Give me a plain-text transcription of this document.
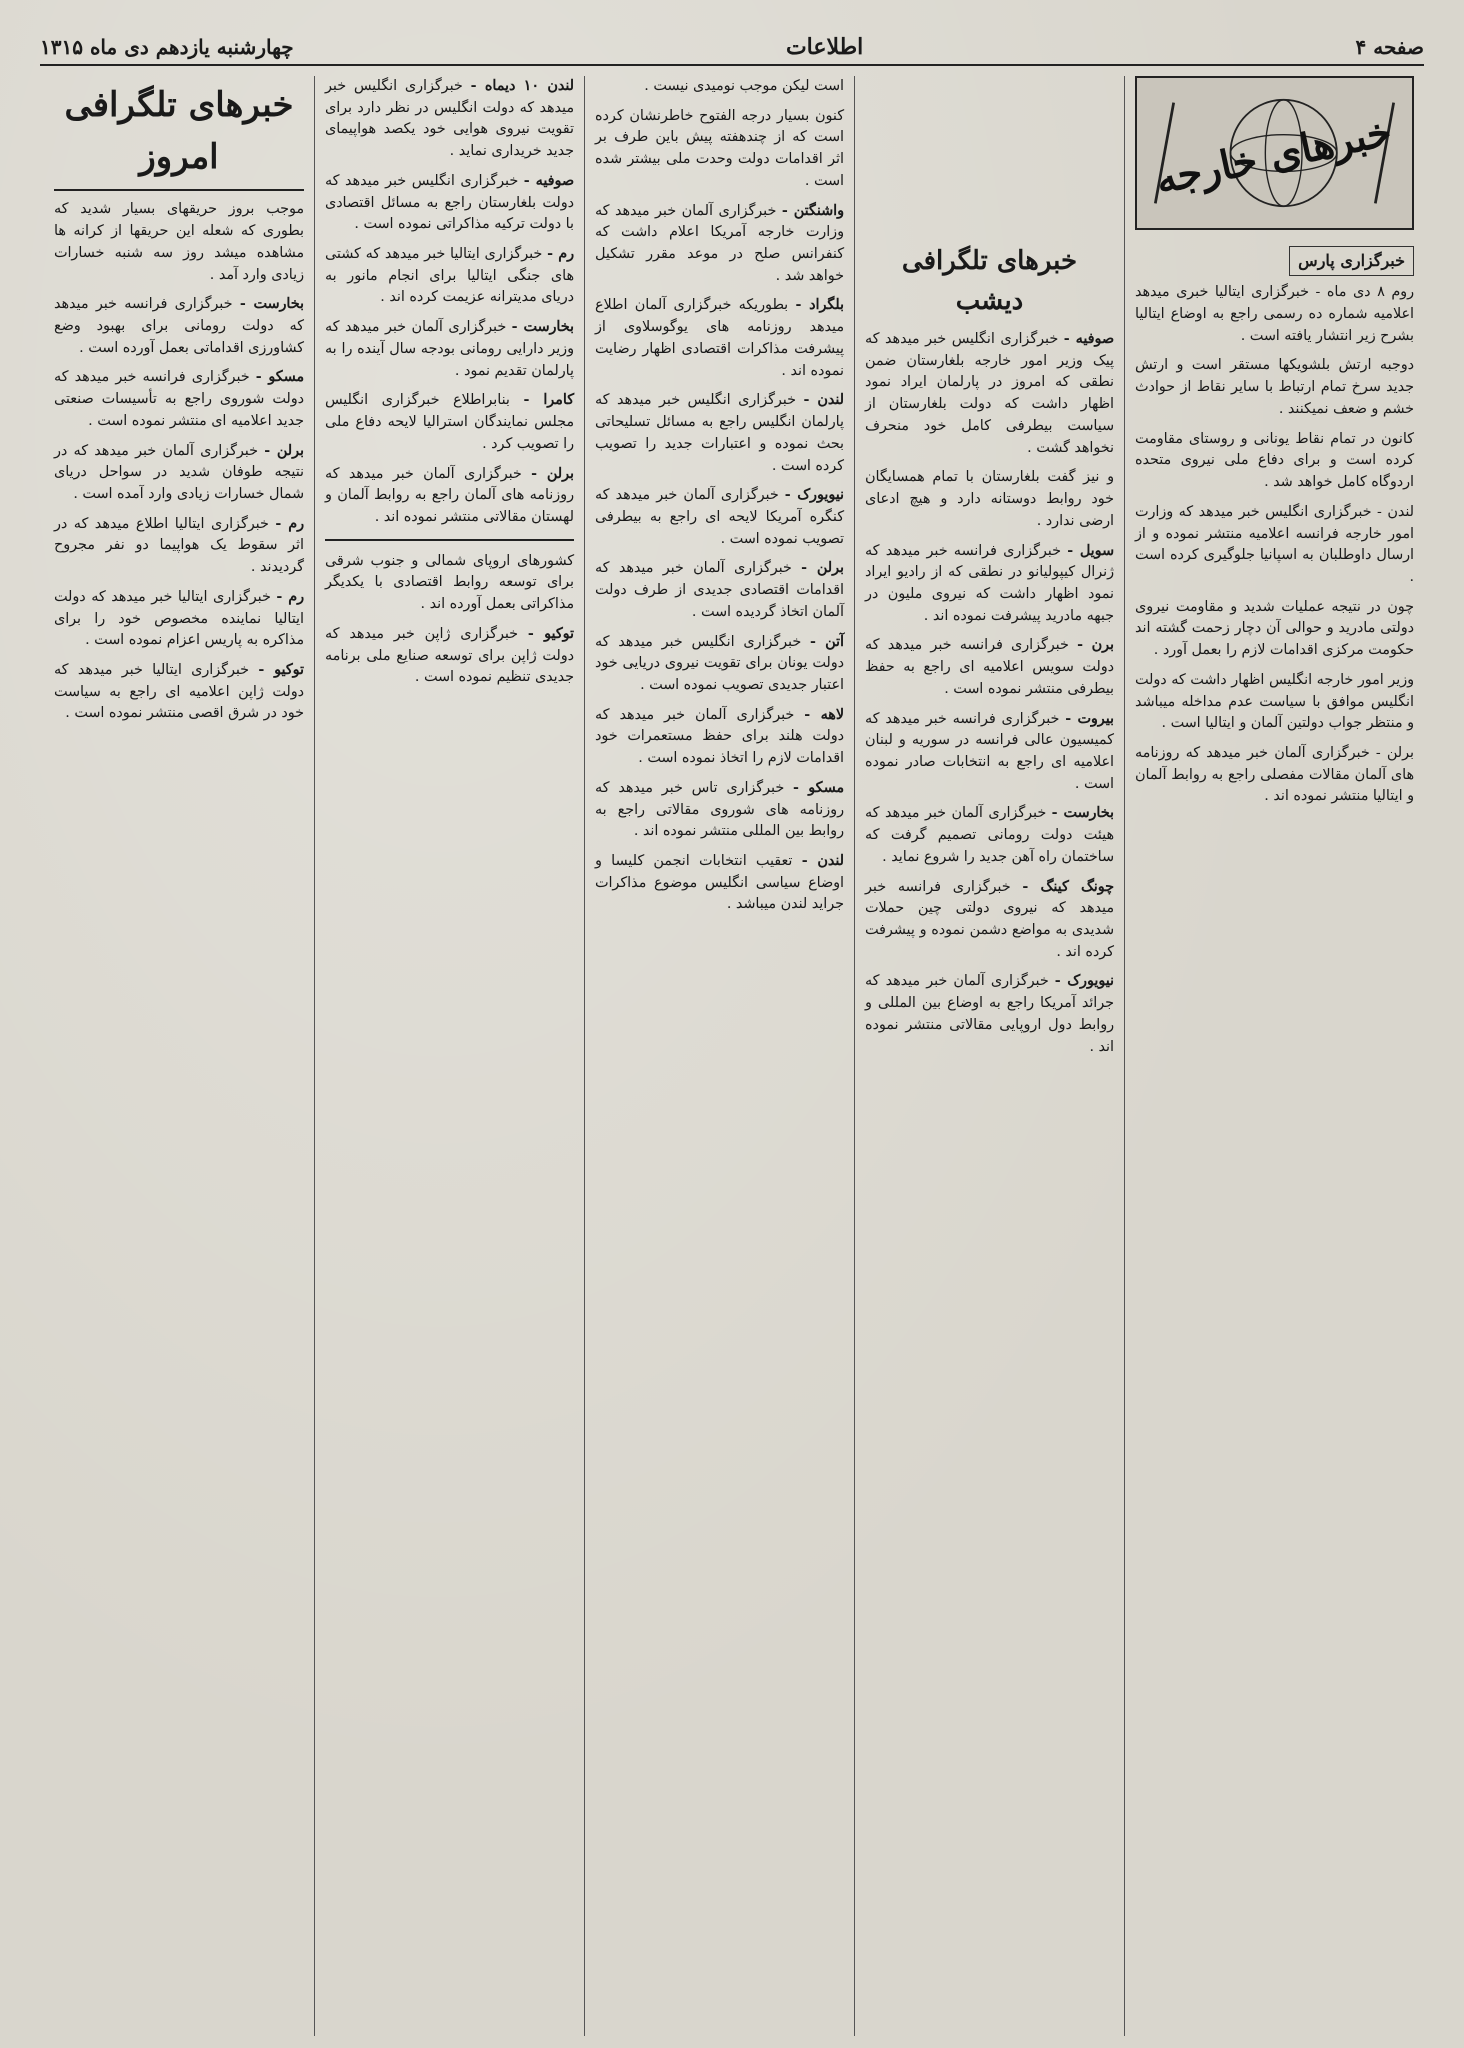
صفحه ۴
اطلاعات
چهارشنبه یازدهم دی ماه ۱۳۱۵
خبرهای خارجه
خبرگزاری پارس

روم ۸ دی ماه - خبرگزاری ایتالیا خبری میدهد اعلامیه شماره ده رسمی راجع به اوضاع ایتالیا بشرح زیر انتشار یافته است .

دوجبه ارتش بلشویکها مستقر است و ارتش جدید سرخ تمام ارتباط با سایر نقاط از حوادث خشم و ضعف نمیکنند .

کانون در تمام نقاط یونانی و روستای مقاومت کرده است و برای دفاع ملی نیروی متحده اردوگاه کامل خواهد شد .

لندن - خبرگزاری انگلیس خبر میدهد که وزارت امور خارجه فرانسه اعلامیه منتشر نموده و از ارسال داوطلبان به اسپانیا جلوگیری کرده است .

چون در نتیجه عملیات شدید و مقاومت نیروی دولتی مادرید و حوالی آن دچار زحمت گشته اند حکومت مرکزی اقدامات لازم را بعمل آورد .

وزیر امور خارجه انگلیس اظهار داشت که دولت انگلیس موافق با سیاست عدم مداخله میباشد و منتظر جواب دولتین آلمان و ایتالیا است .

برلن - خبرگزاری آلمان خبر میدهد که روزنامه های آلمان مقالات مفصلی راجع به روابط آلمان و ایتالیا منتشر نموده اند .

خبرهای تلگرافی دیشب

صوفیه - خبرگزاری انگلیس خبر میدهد که پیک وزیر امور خارجه بلغارستان ضمن نطقی که امروز در پارلمان ایراد نمود اظهار داشت که دولت بلغارستان از سیاست بیطرفی کامل خود منحرف نخواهد گشت .

و نیز گفت بلغارستان با تمام همسایگان خود روابط دوستانه دارد و هیچ ادعای ارضی ندارد .

سویل - خبرگزاری فرانسه خبر میدهد که ژنرال کیپولیانو در نطقی که از رادیو ایراد نمود اظهار داشت که نیروی ملیون در جبهه مادرید پیشرفت نموده اند .

برن - خبرگزاری فرانسه خبر میدهد که دولت سویس اعلامیه ای راجع به حفظ بیطرفی منتشر نموده است .

بیروت - خبرگزاری فرانسه خبر میدهد که کمیسیون عالی فرانسه در سوریه و لبنان اعلامیه ای راجع به انتخابات صادر نموده است .

بخارست - خبرگزاری آلمان خبر میدهد که هیئت دولت رومانی تصمیم گرفت که ساختمان راه آهن جدید را شروع نماید .

چونگ کینگ - خبرگزاری فرانسه خبر میدهد که نیروی دولتی چین حملات شدیدی به مواضع دشمن نموده و پیشرفت کرده اند .

نیویورک - خبرگزاری آلمان خبر میدهد که جرائد آمریکا راجع به اوضاع بین المللی و روابط دول اروپایی مقالاتی منتشر نموده اند .

است لیکن موجب نومیدی نیست .

کنون بسیار درجه الفتوح خاطرنشان کرده است که از چندهفته پیش باین طرف بر اثر اقدامات دولت وحدت ملی بیشتر شده است .

واشنگتن - خبرگزاری آلمان خبر میدهد که وزارت خارجه آمریکا اعلام داشت که کنفرانس صلح در موعد مقرر تشکیل خواهد شد .

بلگراد - بطوریکه خبرگزاری آلمان اطلاع میدهد روزنامه های یوگوسلاوی از پیشرفت مذاکرات اقتصادی اظهار رضایت نموده اند .

لندن - خبرگزاری انگلیس خبر میدهد که پارلمان انگلیس راجع به مسائل تسلیحاتی بحث نموده و اعتبارات جدید را تصویب کرده است .

نیویورک - خبرگزاری آلمان خبر میدهد که کنگره آمریکا لایحه ای راجع به بیطرفی تصویب نموده است .

برلن - خبرگزاری آلمان خبر میدهد که اقدامات اقتصادی جدیدی از طرف دولت آلمان اتخاذ گردیده است .

آتن - خبرگزاری انگلیس خبر میدهد که دولت یونان برای تقویت نیروی دریایی خود اعتبار جدیدی تصویب نموده است .

لاهه - خبرگزاری آلمان خبر میدهد که دولت هلند برای حفظ مستعمرات خود اقدامات لازم را اتخاذ نموده است .

مسکو - خبرگزاری تاس خبر میدهد که روزنامه های شوروی مقالاتی راجع به روابط بین المللی منتشر نموده اند .

لندن - تعقیب انتخابات انجمن کلیسا و اوضاع سیاسی انگلیس موضوع مذاکرات جراید لندن میباشد .

لندن ۱۰ دیماه - خبرگزاری انگلیس خبر میدهد که دولت انگلیس در نظر دارد برای تقویت نیروی هوایی خود یکصد هواپیمای جدید خریداری نماید .

صوفیه - خبرگزاری انگلیس خبر میدهد که دولت بلغارستان راجع به مسائل اقتصادی با دولت ترکیه مذاکراتی نموده است .

رم - خبرگزاری ایتالیا خبر میدهد که کشتی های جنگی ایتالیا برای انجام مانور به دریای مدیترانه عزیمت کرده اند .

بخارست - خبرگزاری آلمان خبر میدهد که وزیر دارایی رومانی بودجه سال آینده را به پارلمان تقدیم نمود .

کامرا - بنابراطلاع خبرگزاری انگلیس مجلس نمایندگان استرالیا لایحه دفاع ملی را تصویب کرد .

برلن - خبرگزاری آلمان خبر میدهد که روزنامه های آلمان راجع به روابط آلمان و لهستان مقالاتی منتشر نموده اند .

کشورهای اروپای شمالی و جنوب شرقی برای توسعه روابط اقتصادی با یکدیگر مذاکراتی بعمل آورده اند .

توکیو - خبرگزاری ژاپن خبر میدهد که دولت ژاپن برای توسعه صنایع ملی برنامه جدیدی تنظیم نموده است .

خبرهای تلگرافی امروز

موجب بروز حریقهای بسیار شدید که بطوری که شعله این حریقها از کرانه ها مشاهده میشد روز سه شنبه خسارات زیادی وارد آمد .

بخارست - خبرگزاری فرانسه خبر میدهد که دولت رومانی برای بهبود وضع کشاورزی اقداماتی بعمل آورده است .

مسکو - خبرگزاری فرانسه خبر میدهد که دولت شوروی راجع به تأسیسات صنعتی جدید اعلامیه ای منتشر نموده است .

برلن - خبرگزاری آلمان خبر میدهد که در نتیجه طوفان شدید در سواحل دریای شمال خسارات زیادی وارد آمده است .

رم - خبرگزاری ایتالیا اطلاع میدهد که در اثر سقوط یک هواپیما دو نفر مجروح گردیدند .

رم - خبرگزاری ایتالیا خبر میدهد که دولت ایتالیا نماینده مخصوص خود را برای مذاکره به پاریس اعزام نموده است .

توکیو - خبرگزاری ایتالیا خبر میدهد که دولت ژاپن اعلامیه ای راجع به سیاست خود در شرق اقصی منتشر نموده است .
